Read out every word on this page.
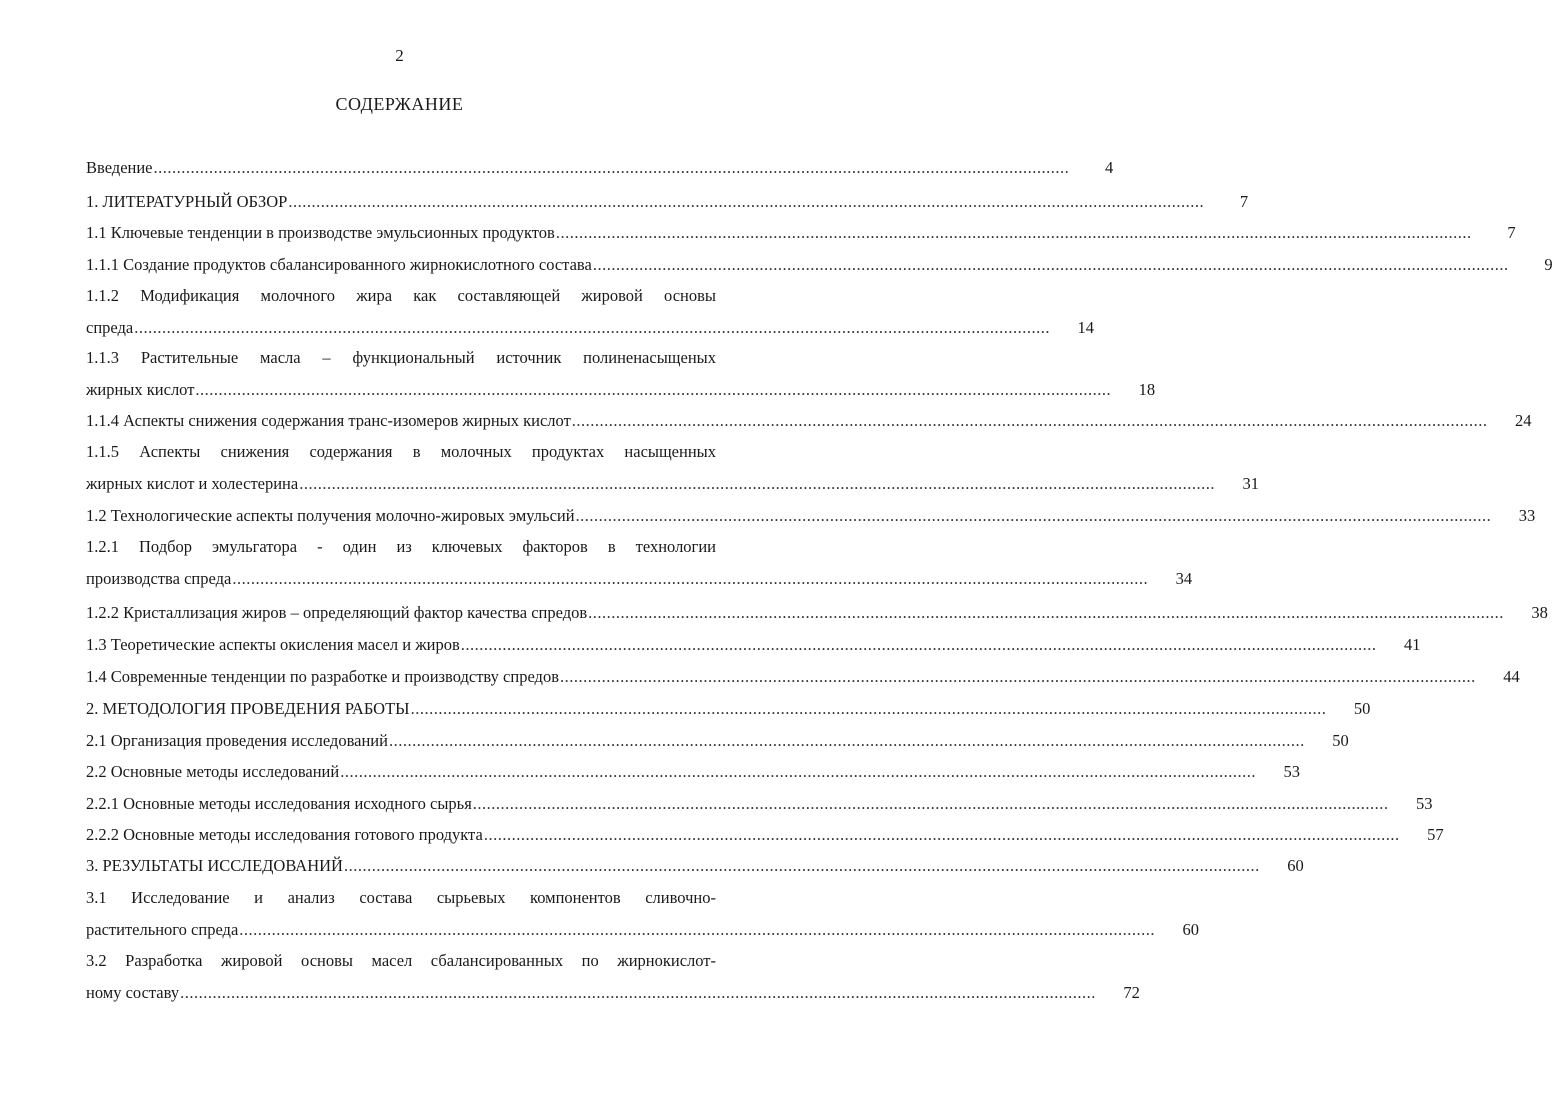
2
СОДЕРЖАНИЕ
Введение ......................................................................................................................................................................................................	4
1. ЛИТЕРАТУРНЫЙ ОБЗОР ......................................................................................................................................................................................................	7
1.1 Ключевые тенденции в производстве эмульсионных продуктов ......................................................................................................................................................................................................	7
1.1.1 Создание продуктов сбалансированного жирнокислотного состава ......................................................................................................................................................................................................	9
1.1.2 Модификация молочного жира как составляющей жировой основы
спреда ......................................................................................................................................................................................................	14
1.1.3 Растительные масла – функциональный источник полиненасыщеных
жирных кислот ......................................................................................................................................................................................................	18
1.1.4 Аспекты снижения содержания транс-изомеров жирных кислот ......................................................................................................................................................................................................	24
1.1.5 Аспекты снижения содержания в молочных продуктах насыщенных
жирных кислот и холестерина ......................................................................................................................................................................................................	31
1.2 Технологические аспекты получения молочно-жировых эмульсий ......................................................................................................................................................................................................	33
1.2.1 Подбор эмульгатора - один из ключевых факторов в технологии
производства спреда ......................................................................................................................................................................................................	34
1.2.2 Кристаллизация жиров – определяющий фактор качества спредов ......................................................................................................................................................................................................	38
1.3 Теоретические аспекты окисления масел и жиров ......................................................................................................................................................................................................	41
1.4 Современные тенденции по разработке и производству спредов ......................................................................................................................................................................................................	44
2. МЕТОДОЛОГИЯ ПРОВЕДЕНИЯ РАБОТЫ ......................................................................................................................................................................................................	50
2.1 Организация проведения исследований ......................................................................................................................................................................................................	50
2.2 Основные методы исследований ......................................................................................................................................................................................................	53
2.2.1 Основные методы исследования исходного сырья ......................................................................................................................................................................................................	53
2.2.2 Основные методы исследования готового продукта ......................................................................................................................................................................................................	57
3. РЕЗУЛЬТАТЫ ИССЛЕДОВАНИЙ ......................................................................................................................................................................................................	60
3.1 Исследование и анализ состава сырьевых компонентов сливочно-
растительного спреда ......................................................................................................................................................................................................	60
3.2 Разработка жировой основы масел сбалансированных по жирнокислот-
ному составу ......................................................................................................................................................................................................	72
